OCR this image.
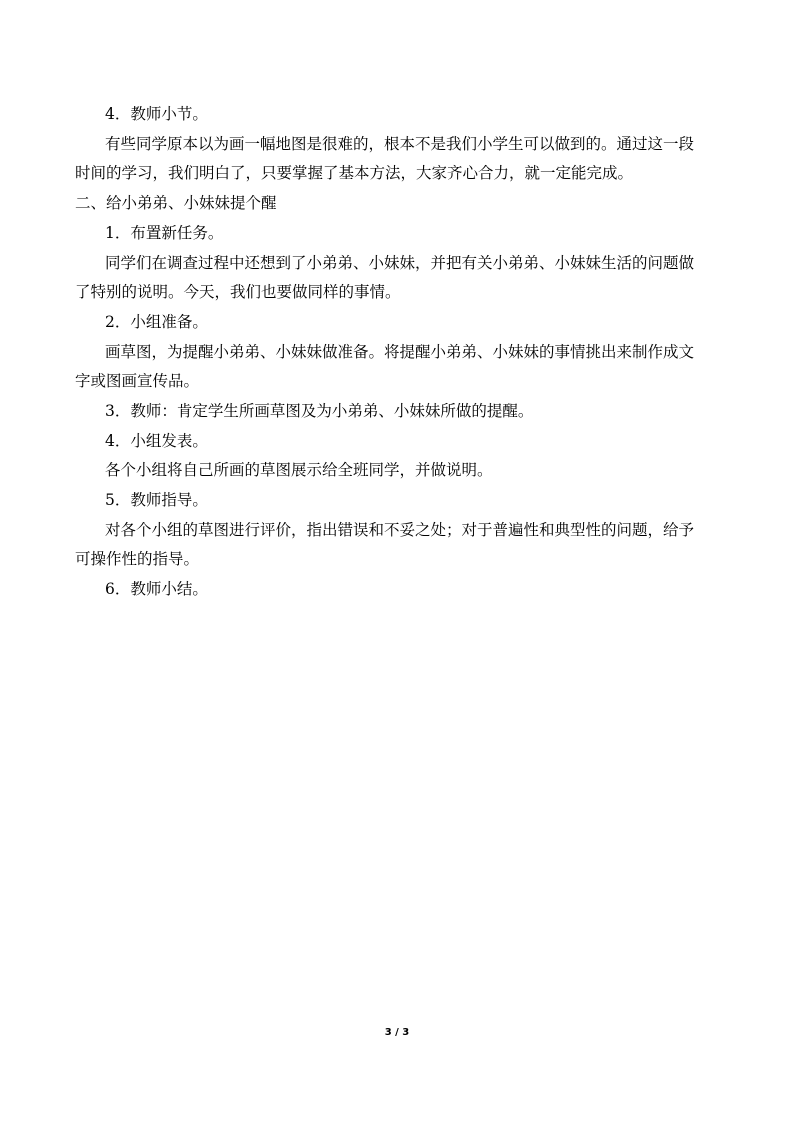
4．教师小节。

有些同学原本以为画一幅地图是很难的，根本不是我们小学生可以做到的。通过这一段

时间的学习，我们明白了，只要掌握了基本方法，大家齐心合力，就一定能完成。

二、给小弟弟、小妹妹提个醒

1．布置新任务。

同学们在调查过程中还想到了小弟弟、小妹妹，并把有关小弟弟、小妹妹生活的问题做

了特别的说明。今天，我们也要做同样的事情。

2．小组准备。

画草图，为提醒小弟弟、小妹妹做准备。将提醒小弟弟、小妹妹的事情挑出来制作成文

字或图画宣传品。

3．教师：肯定学生所画草图及为小弟弟、小妹妹所做的提醒。

4．小组发表。

各个小组将自己所画的草图展示给全班同学，并做说明。

5．教师指导。

对各个小组的草图进行评价，指出错误和不妥之处；对于普遍性和典型性的问题，给予

可操作性的指导。

6．教师小结。

3 / 3
